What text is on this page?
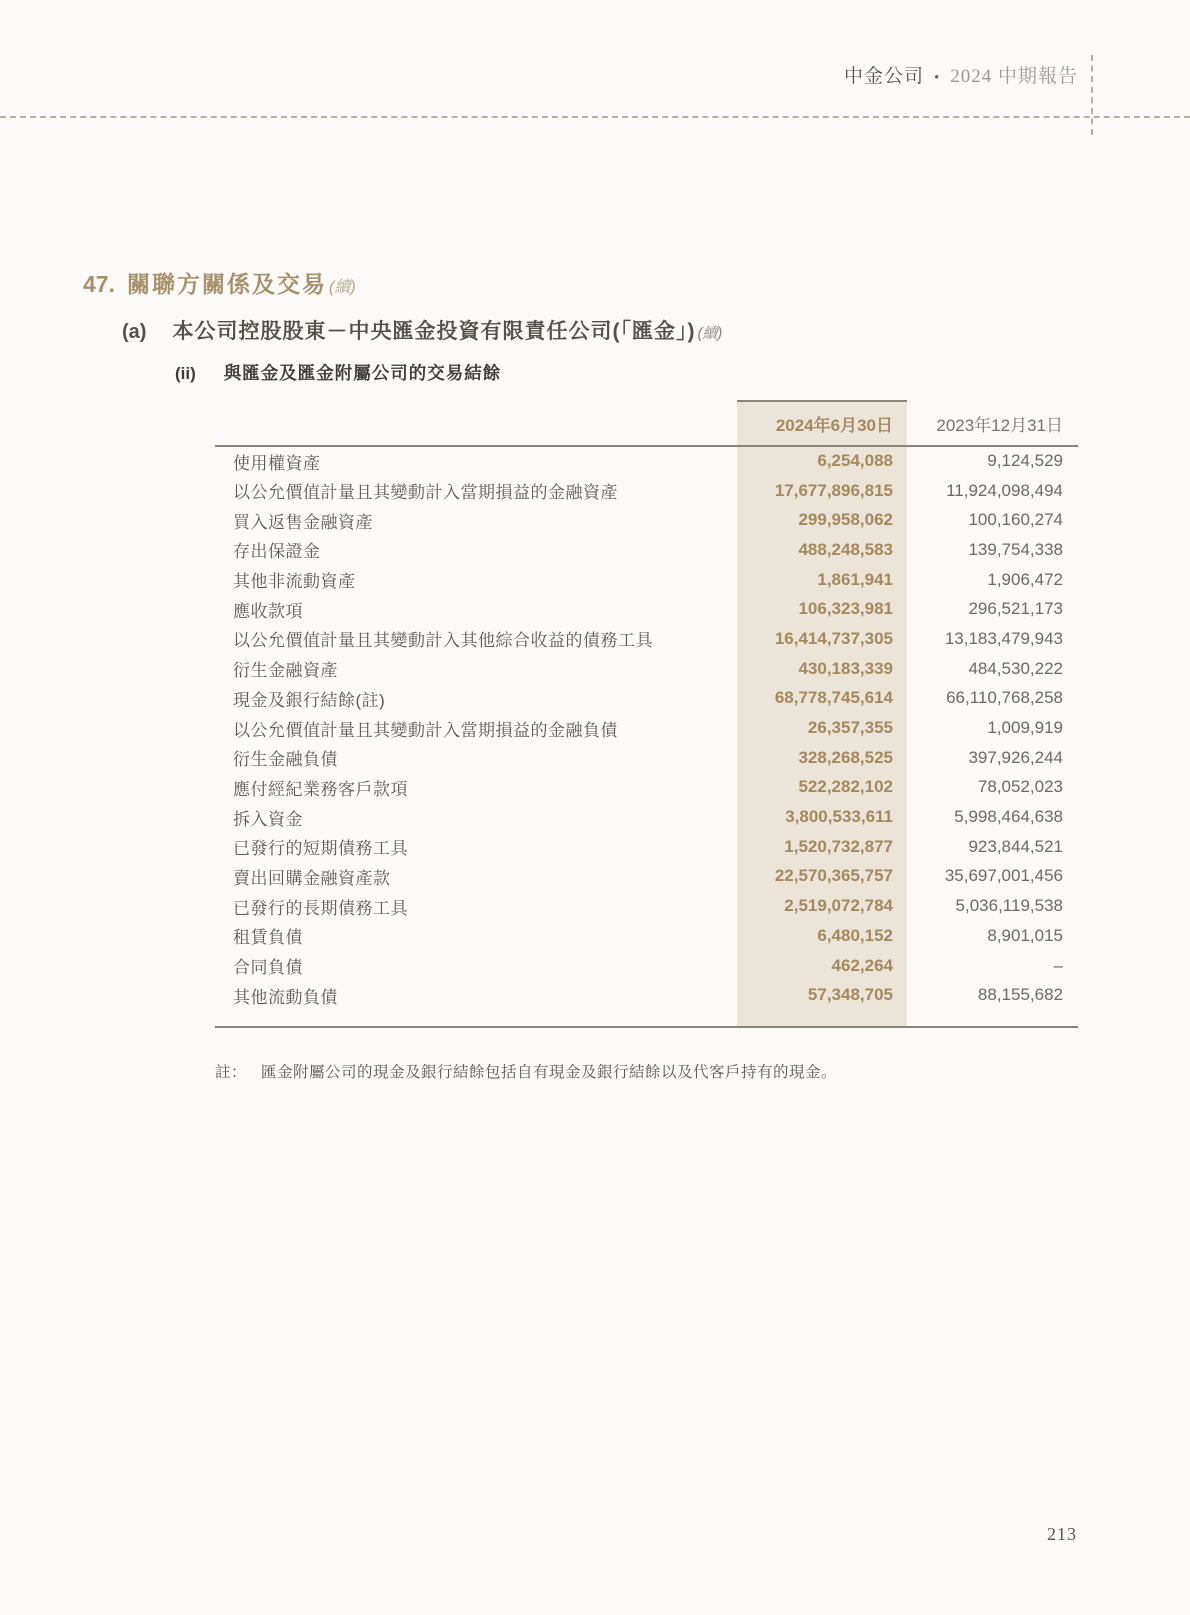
中金公司 • 2024 中期報告
47. 關聯方關係及交易 (續)
(a) 本公司控股股東－中央匯金投資有限責任公司(「匯金」) (續)
(ii) 與匯金及匯金附屬公司的交易結餘
	2024年6月30日	2023年12月31日
使用權資產	6,254,088	9,124,529
以公允價值計量且其變動計入當期損益的金融資產	17,677,896,815	11,924,098,494
買入返售金融資產	299,958,062	100,160,274
存出保證金	488,248,583	139,754,338
其他非流動資產	1,861,941	1,906,472
應收款項	106,323,981	296,521,173
以公允價值計量且其變動計入其他綜合收益的債務工具	16,414,737,305	13,183,479,943
衍生金融資產	430,183,339	484,530,222
現金及銀行結餘(註)	68,778,745,614	66,110,768,258
以公允價值計量且其變動計入當期損益的金融負債	26,357,355	1,009,919
衍生金融負債	328,268,525	397,926,244
應付經紀業務客戶款項	522,282,102	78,052,023
拆入資金	3,800,533,611	5,998,464,638
已發行的短期債務工具	1,520,732,877	923,844,521
賣出回購金融資產款	22,570,365,757	35,697,001,456
已發行的長期債務工具	2,519,072,784	5,036,119,538
租賃負債	6,480,152	8,901,015
合同負債	462,264	–
其他流動負債	57,348,705	88,155,682

註： 匯金附屬公司的現金及銀行結餘包括自有現金及銀行結餘以及代客戶持有的現金。
213
